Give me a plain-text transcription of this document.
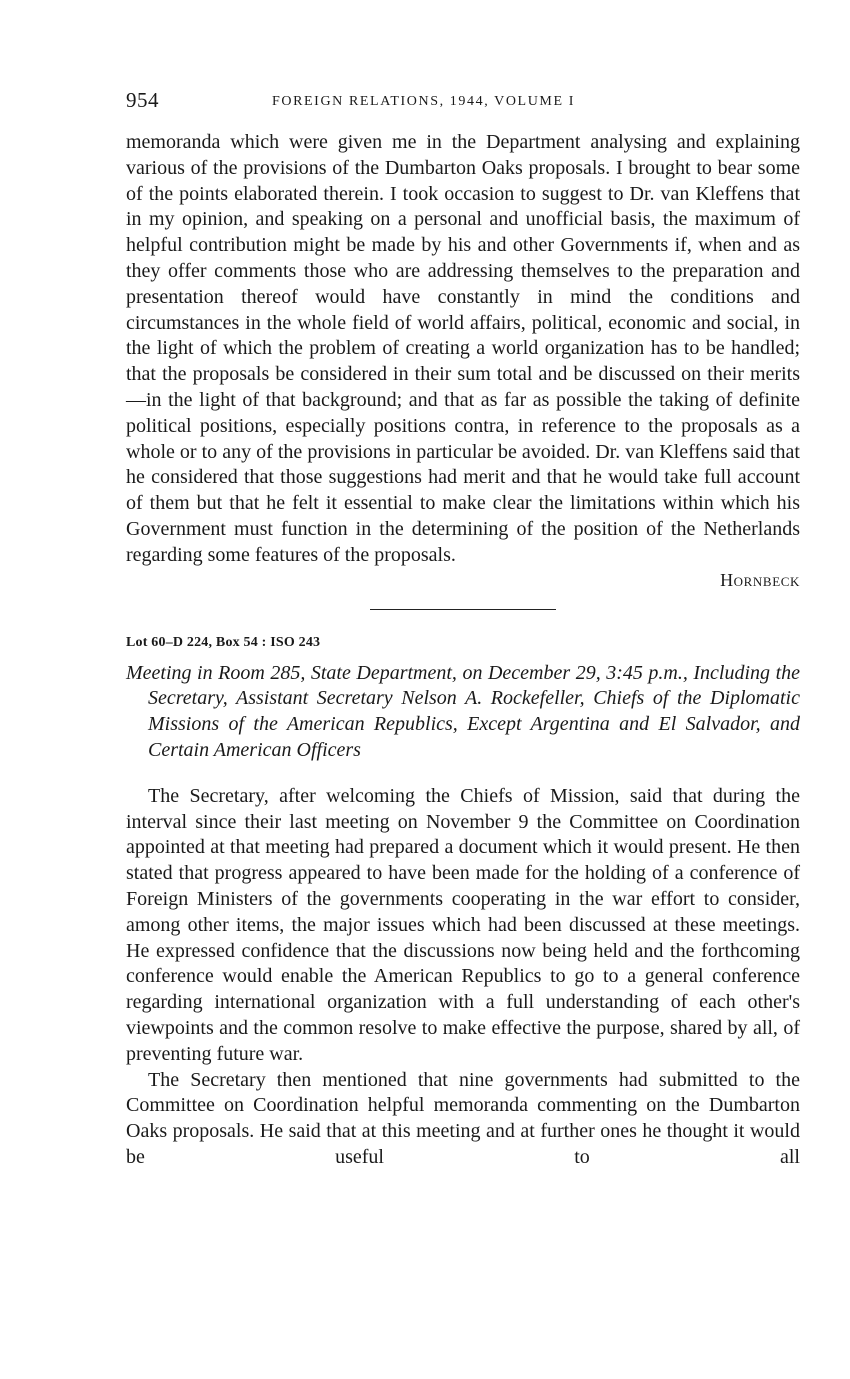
954	FOREIGN RELATIONS, 1944, VOLUME I

memoranda which were given me in the Department analysing and explaining various of the provisions of the Dumbarton Oaks proposals. I brought to bear some of the points elaborated therein. I took occasion to suggest to Dr. van Kleffens that in my opinion, and speaking on a personal and unofficial basis, the maximum of helpful contribution might be made by his and other Governments if, when and as they offer comments those who are addressing themselves to the preparation and presentation thereof would have constantly in mind the conditions and circumstances in the whole field of world affairs, political, economic and social, in the light of which the problem of creating a world organization has to be handled; that the proposals be considered in their sum total and be discussed on their merits—in the light of that background; and that as far as possible the taking of definite political positions, especially positions contra, in reference to the proposals as a whole or to any of the provisions in particular be avoided. Dr. van Kleffens said that he considered that those suggestions had merit and that he would take full account of them but that he felt it essential to make clear the limitations within which his Government must function in the determining of the position of the Netherlands regarding some features of the proposals.

Hornbeck
Lot 60–D 224, Box 54 : ISO 243

Meeting in Room 285, State Department, on December 29, 3:45 p.m., Including the Secretary, Assistant Secretary Nelson A. Rockefeller, Chiefs of the Diplomatic Missions of the American Republics, Except Argentina and El Salvador, and Certain American Officers

The Secretary, after welcoming the Chiefs of Mission, said that during the interval since their last meeting on November 9 the Committee on Coordination appointed at that meeting had prepared a document which it would present. He then stated that progress appeared to have been made for the holding of a conference of Foreign Ministers of the governments cooperating in the war effort to consider, among other items, the major issues which had been discussed at these meetings. He expressed confidence that the discussions now being held and the forthcoming conference would enable the American Republics to go to a general conference regarding international organization with a full understanding of each other's viewpoints and the common resolve to make effective the purpose, shared by all, of preventing future war.

The Secretary then mentioned that nine governments had submitted to the Committee on Coordination helpful memoranda commenting on the Dumbarton Oaks proposals. He said that at this meeting and at further ones he thought it would be useful to all
